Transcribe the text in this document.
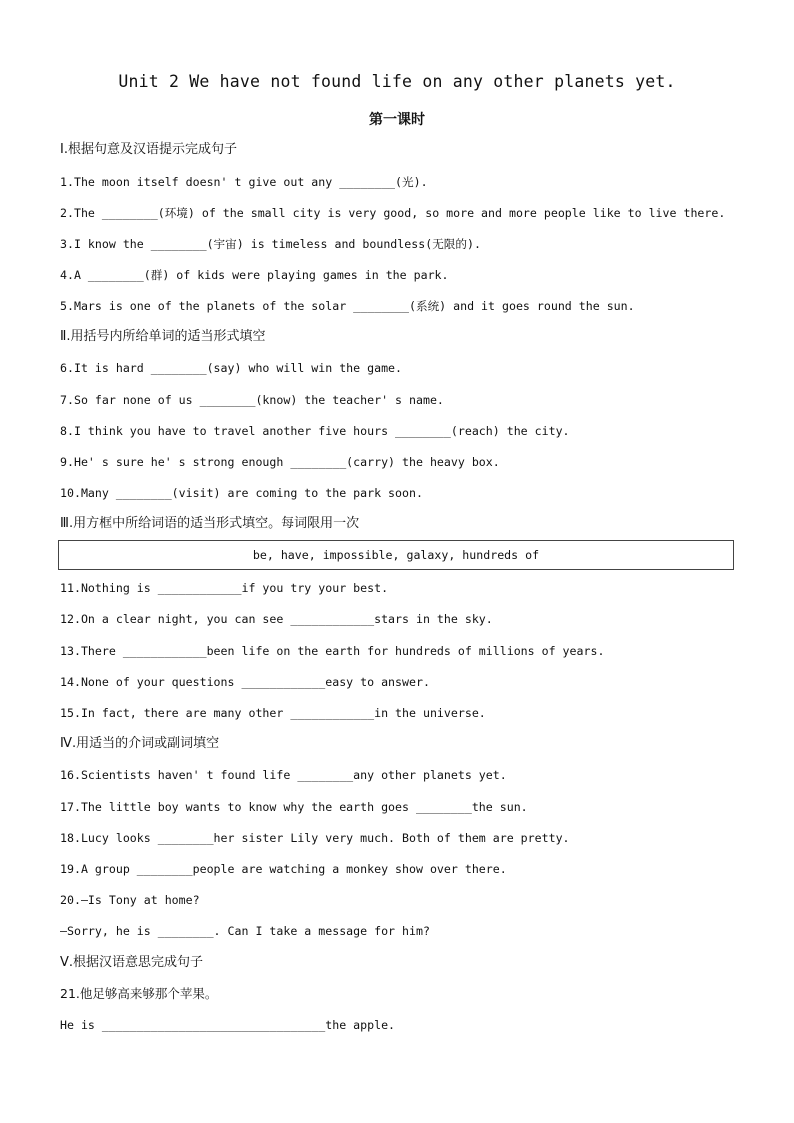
Unit 2 We have not found life on any other planets yet.
第一课时
Ⅰ.根据句意及汉语提示完成句子
1.The moon itself doesn' t give out any ________(光).
2.The ________(环境) of the small city is very good, so more and more people like to live there.
3.I know the ________(宇宙) is timeless and boundless(无限的).
4.A ________(群) of kids were playing games in the park.
5.Mars is one of the planets of the solar ________(系统) and it goes round the sun.
Ⅱ.用括号内所给单词的适当形式填空
6.It is hard ________(say) who will win the game.
7.So far none of us ________(know) the teacher' s name.
8.I think you have to travel another five hours ________(reach) the city.
9.He' s sure he' s strong enough ________(carry) the heavy box.
10.Many ________(visit) are coming to the park soon.
Ⅲ.用方框中所给词语的适当形式填空。每词限用一次
be, have, impossible, galaxy, hundreds of
11.Nothing is ____________if you try your best.
12.On a clear night, you can see ____________stars in the sky.
13.There ____________been life on the earth for hundreds of millions of years.
14.None of your questions ____________easy to answer.
15.In fact, there are many other ____________in the universe.
Ⅳ.用适当的介词或副词填空
16.Scientists haven' t found life ________any other planets yet.
17.The little boy wants to know why the earth goes ________the sun.
18.Lucy looks ________her sister Lily very much. Both of them are pretty.
19.A group ________people are watching a monkey show over there.
20.—Is Tony at home?
—Sorry, he is ________. Can I take a message for him?
Ⅴ.根据汉语意思完成句子
21.他足够高来够那个苹果。
He is ________________________________the apple.
